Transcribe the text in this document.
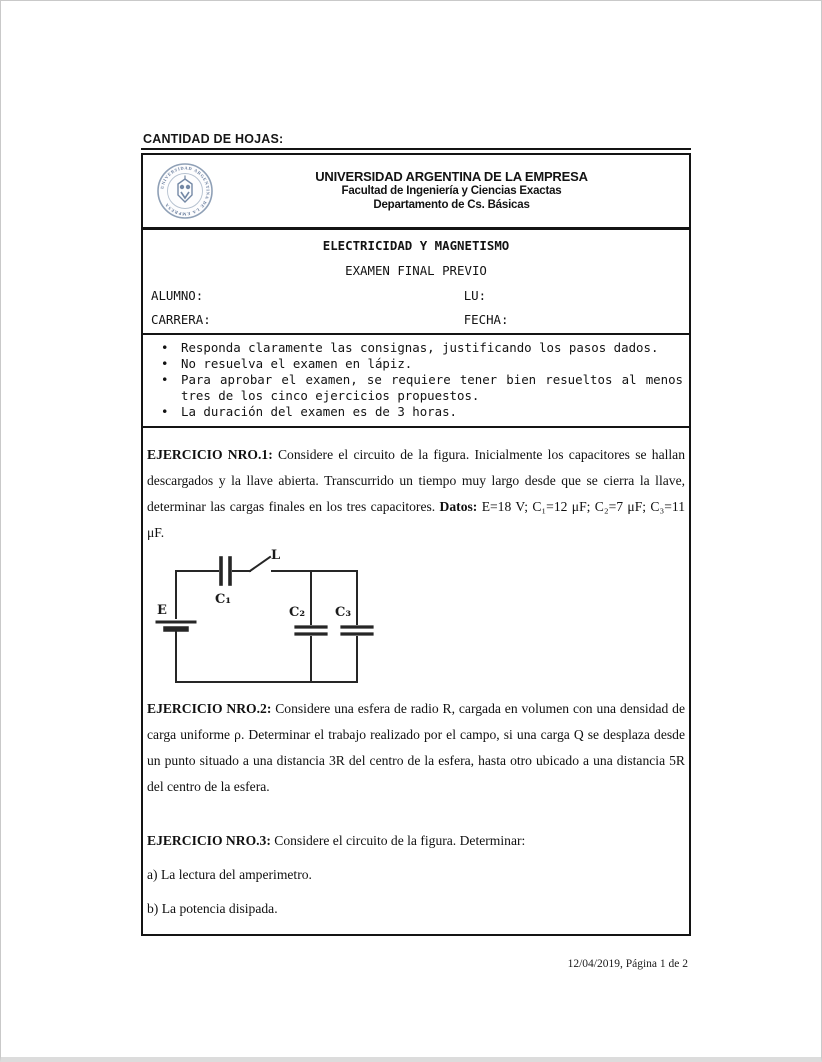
CANTIDAD DE HOJAS:
UNIVERSIDAD ARGENTINA DE LA EMPRESA
UNIVERSIDAD ARGENTINA DE LA EMPRESA
Facultad de Ingeniería y Ciencias Exactas
Departamento de Cs. Básicas
ELECTRICIDAD Y MAGNETISMO
EXAMEN FINAL PREVIO
ALUMNO:	LU:
CARRERA:	FECHA:
•	Responda claramente las consignas, justificando los pasos dados.
•	No resuelva el examen en lápiz.
•	Para aprobar el examen, se requiere tener bien resueltos al menos tres de los cinco ejercicios propuestos.
•	La duración del examen es de 3 horas.

EJERCICIO NRO.1: Considere el circuito de la figura. Inicialmente los capacitores se hallan descargados y la llave abierta. Transcurrido un tiempo muy largo desde que se cierra la llave, determinar las cargas finales en los tres capacitores. Datos: E=18 V; C₁=12 μF; C₂=7 μF; C₃=11 μF.

E
C₁
L
C₂ C₃

EJERCICIO NRO.2: Considere una esfera de radio R, cargada en volumen con una densidad de carga uniforme ρ. Determinar el trabajo realizado por el campo, si una carga Q se desplaza desde un punto situado a una distancia 3R del centro de la esfera, hasta otro ubicado a una distancia 5R del centro de la esfera.

EJERCICIO NRO.3: Considere el circuito de la figura. Determinar:

a) La lectura del amperimetro.

b) La potencia disipada.

12/04/2019, Página 1 de 2
